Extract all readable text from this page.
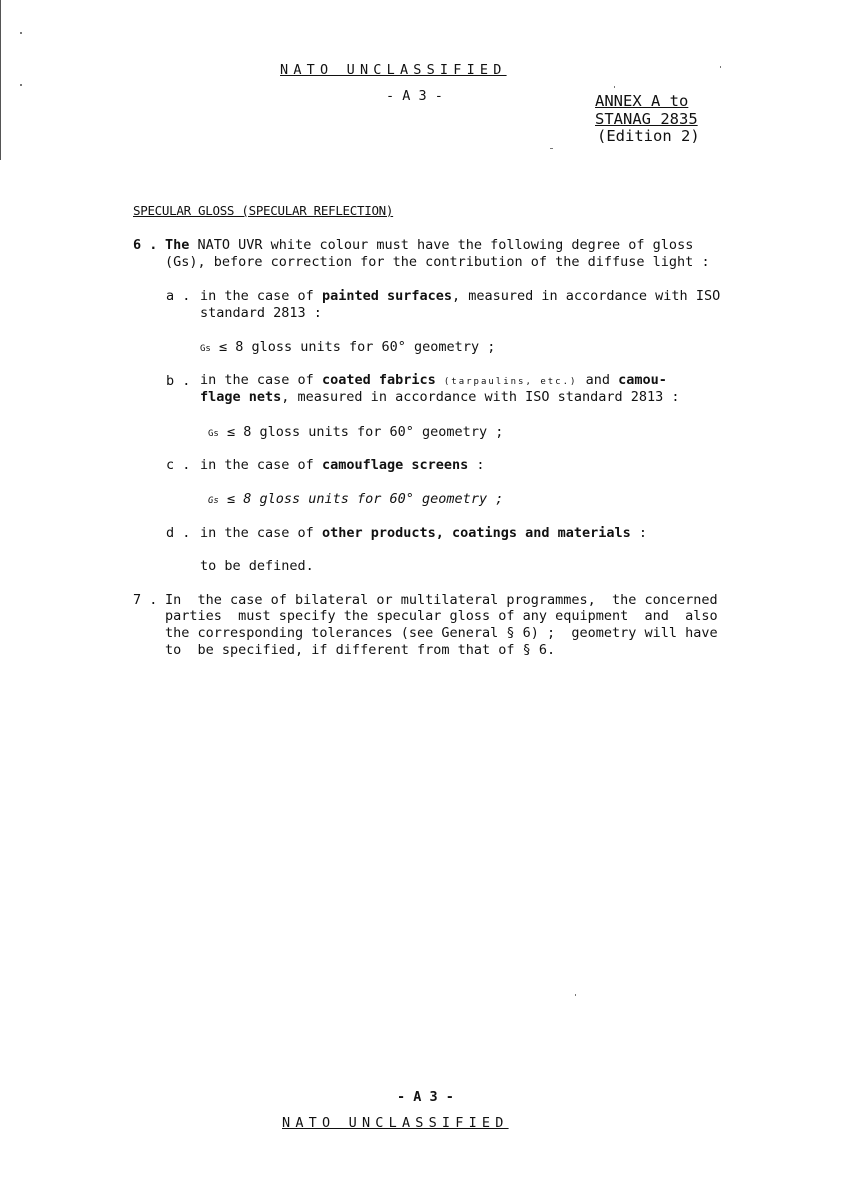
NATO UNCLASSIFIED
- A 3 -	ANNEX A to
STANAG 2835
(Edition 2)
SPECULAR GLOSS (SPECULAR REFLECTION)
6 . The NATO UVR white colour must have the following degree of gloss
(Gs), before correction for the contribution of the diffuse light :
a . in the case of painted surfaces, measured in accordance with ISO
standard 2813 :
Gs ≤ 8 gloss units for 60° geometry ;
b . in the case of coated fabrics (tarpaulins, etc.) and camou-
flage nets, measured in accordance with ISO standard 2813 :
Gs ≤ 8 gloss units for 60° geometry ;
c . in the case of camouflage screens :
Gs ≤ 8 gloss units for 60° geometry ;
d . in the case of other products, coatings and materials :
to be defined.
7 . In  the case of bilateral or multilateral programmes,  the concerned
parties  must specify the specular gloss of any equipment  and  also
the corresponding tolerances (see General § 6) ;  geometry will have
to  be specified, if different from that of § 6.
- A 3 -
NATO UNCLASSIFIED
